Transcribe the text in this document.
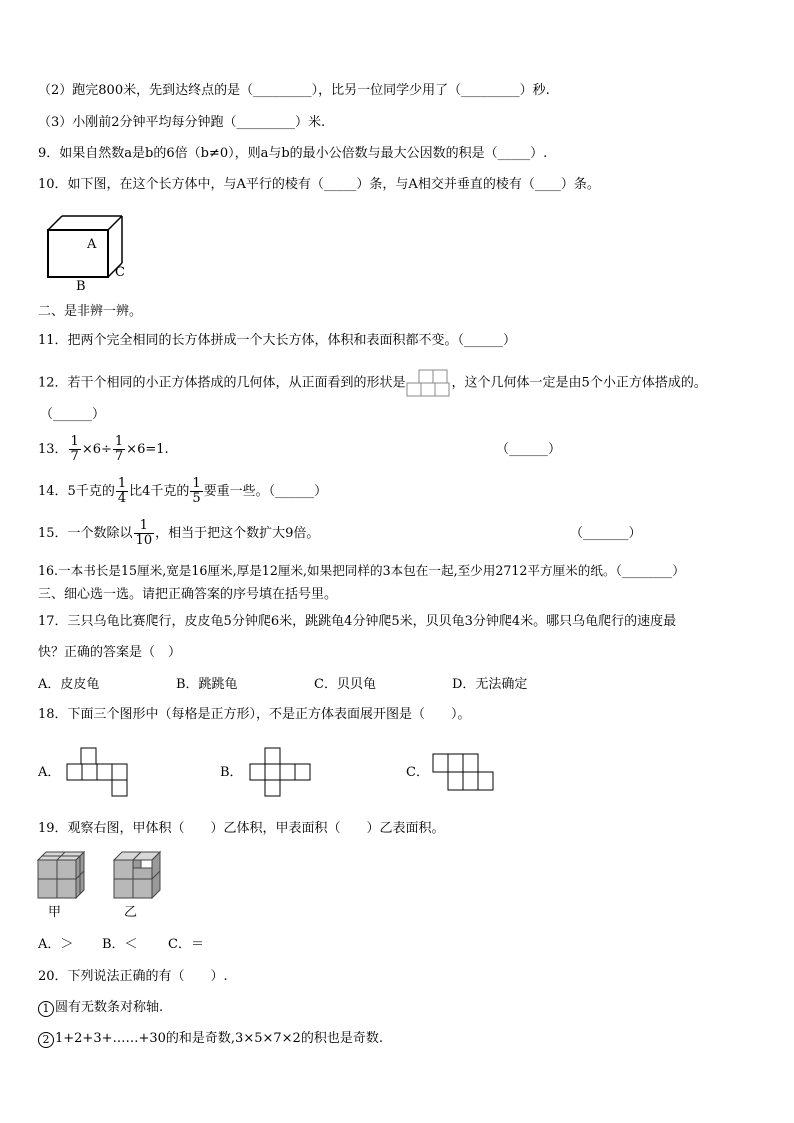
（2）跑完800米，先到达终点的是（_________），比另一位同学少用了（_________）秒.
（3）小刚前2分钟平均每分钟跑（_________）米.
9．如果自然数a是b的6倍（b≠0），则a与b的最小公倍数与最大公因数的积是（_____）.
10．如下图，在这个长方体中，与A平行的棱有（_____）条，与A相交并垂直的棱有（____）条。
A
C
B
二、是非辨一辨。
11．把两个完全相同的长方体拼成一个大长方体，体积和表面积都不变。（______）
12．若干个相同的小正方体搭成的几何体，从正面看到的形状是	，这个几何体一定是由5个小正方体搭成的。
（______）
13． $\frac{1}{7} \times 6\div \frac{1}{7} \times 6=1$.	（______）
14．5千克的 $\frac{1}{4}$ 比4千克的 $\frac{1}{5}$ 要重一些。（______）
15．一个数除以 $\frac{1}{10}$ ，相当于把这个数扩大9倍。	（_______）
16.一本书长是15厘米,宽是16厘米,厚是12厘米,如果把同样的3本包在一起,至少用2712平方厘米的纸。（________）
三、细心选一选。请把正确答案的序号填在括号里。
17．三只乌龟比赛爬行，皮皮龟5分钟爬6米，跳跳龟4分钟爬5米，贝贝龟3分钟爬4米。哪只乌龟爬行的速度最
快？正确的答案是（　）
A．皮皮龟	B．跳跳龟	C．贝贝龟	D．无法确定
18．下面三个图形中（每格是正方形），不是正方体表面展开图是（　　）。
A．	B．	C．
19．观察右图，甲体积（　　）乙体积，甲表面积（　　）乙表面积。
甲	乙
A．＞ B．＜ C．＝
20．下列说法正确的有（　　）.
1 圆有无数条对称轴.
2 1+2+3+……+30的和是奇数,3×5×7×2的积也是奇数.
